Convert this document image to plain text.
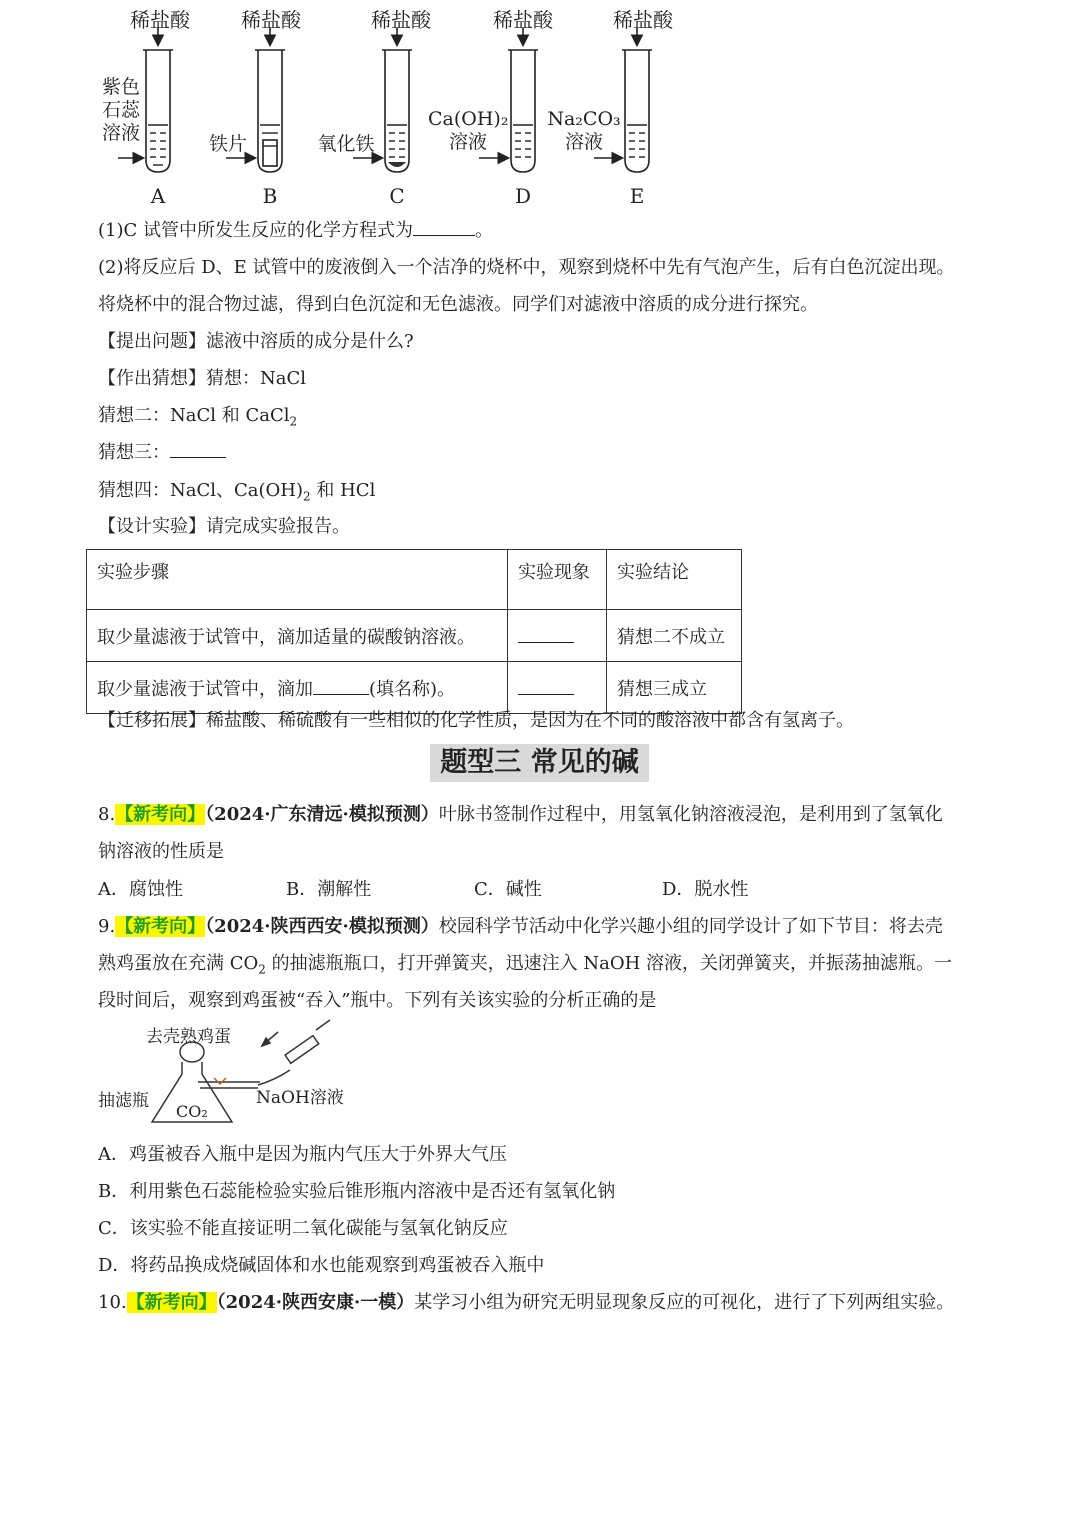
稀盐酸	稀盐酸	稀盐酸	稀盐酸	稀盐酸
紫色
石蕊
溶液	铁片	氧化铁
Ca(OH)₂
溶液
Na₂CO₃
溶液
A	B	C	D	E
(1)C 试管中所发生反应的化学方程式为	。
(2)将反应后 D、E 试管中的废液倒入一个洁净的烧杯中，观察到烧杯中先有气泡产生，后有白色沉淀出现。
将烧杯中的混合物过滤，得到白色沉淀和无色滤液。同学们对滤液中溶质的成分进行探究。
【提出问题】滤液中溶质的成分是什么?
【作出猜想】猜想：NaCl
猜想二：NaCl 和 CaCl$_2$
猜想三：
猜想四：NaCl、$Ca(OH)_2$ 和 HCl
【设计实验】请完成实验报告。
实验步骤	实验现象	实验结论
取少量滤液于试管中，滴加适量的碳酸钠溶液。		猜想二不成立
取少量滤液于试管中，滴加 (填名称)。		猜想三成立
【迁移拓展】稀盐酸、稀硫酸有一些相似的化学性质，是因为在不同的酸溶液中都含有氢离子。
题型三 常见的碱
8.【新考向】（2024·广东清远·模拟预测）叶脉书签制作过程中，用氢氧化钠溶液浸泡，是利用到了氢氧化
钠溶液的性质是
A．腐蚀性	B．潮解性	C．碱性	D．脱水性
9.【新考向】（2024·陕西西安·模拟预测）校园科学节活动中化学兴趣小组的同学设计了如下节目：将去壳
熟鸡蛋放在充满 $CO_2$ 的抽滤瓶瓶口，打开弹簧夹，迅速注入 NaOH 溶液，关闭弹簧夹，并振荡抽滤瓶。一
段时间后，观察到鸡蛋被“吞入”瓶中。下列有关该实验的分析正确的是
去壳熟鸡蛋
抽滤瓶
CO₂
NaOH溶液
A．鸡蛋被吞入瓶中是因为瓶内气压大于外界大气压
B．利用紫色石蕊能检验实验后锥形瓶内溶液中是否还有氢氧化钠
C．该实验不能直接证明二氧化碳能与氢氧化钠反应
D．将药品换成烧碱固体和水也能观察到鸡蛋被吞入瓶中
10.【新考向】（2024·陕西安康·一模）某学习小组为研究无明显现象反应的可视化，进行了下列两组实验。
